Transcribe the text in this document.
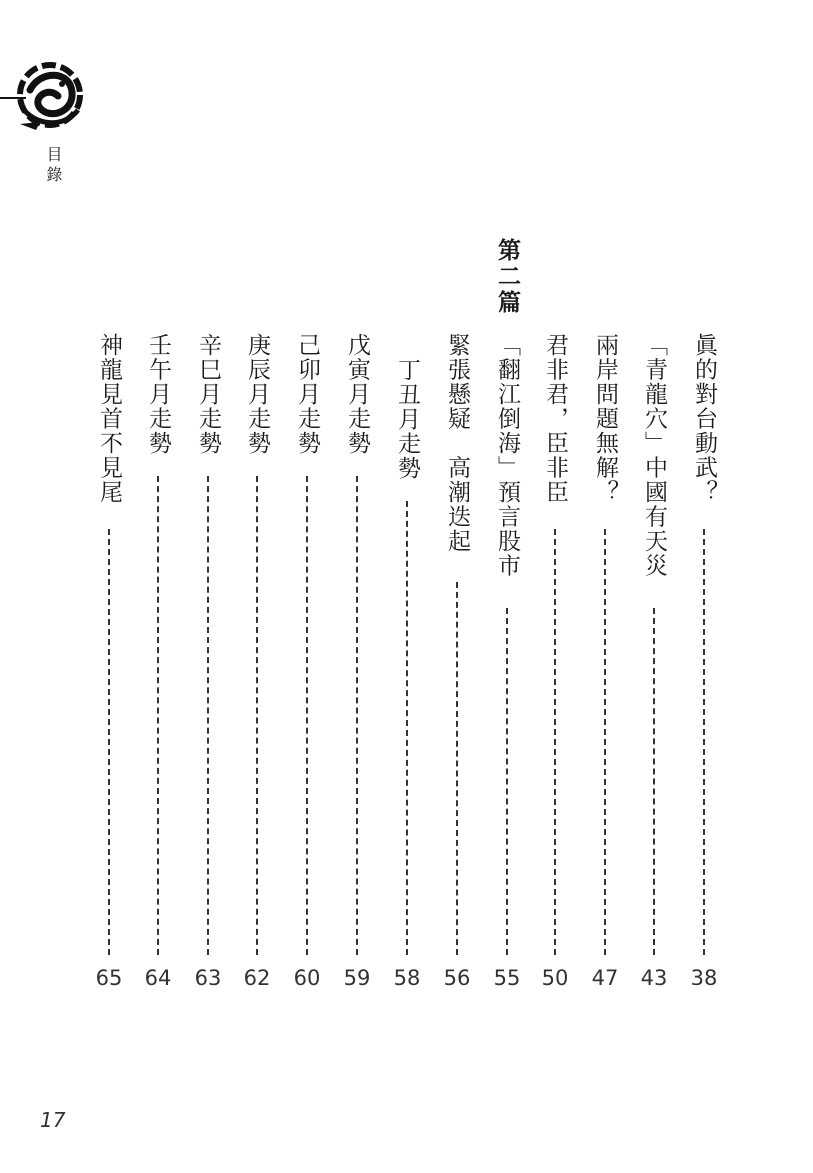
目錄
第二篇
眞的對台動武？
38
「青龍穴」中國有天災
43
兩岸問題無解？
47
君非君，臣非臣
50
「翻江倒海」預言股市
55
緊張懸疑　高潮迭起
56
丁丑月走勢
58
戊寅月走勢
59
己卯月走勢
60
庚辰月走勢
62
辛巳月走勢
63
壬午月走勢
64
神龍見首不見尾
65
17
